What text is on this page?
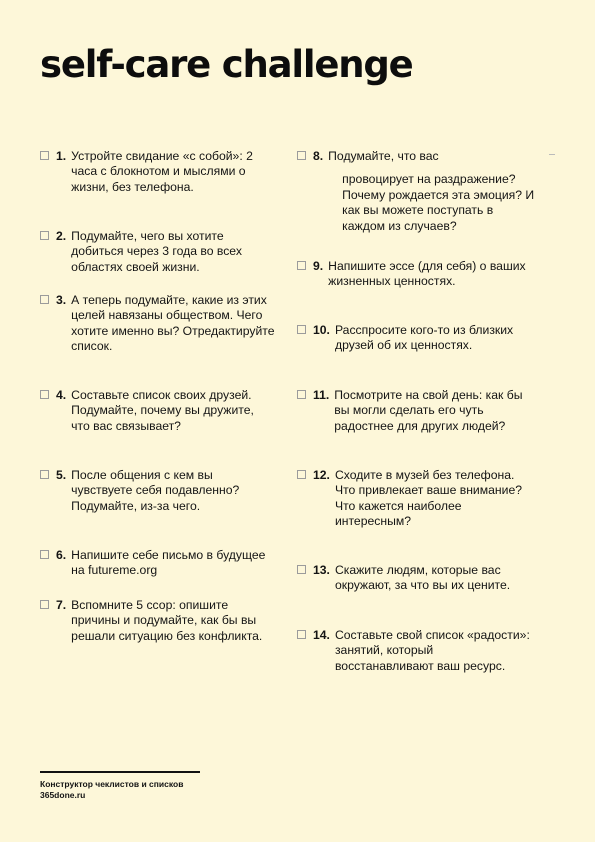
self-care challenge
1. Устройте свидание «с собой»: 2 часа с блокнотом и мыслями о жизни, без телефона.
2. Подумайте, чего вы хотите добиться через 3 года во всех областях своей жизни.
3. А теперь подумайте, какие из этих целей навязаны обществом. Чего хотите именно вы? Отредактируйте список.
4. Составьте список своих друзей. Подумайте, почему вы дружите, что вас связывает?
5. После общения с кем вы чувствуете себя подавленно? Подумайте, из-за чего.
6. Напишите себе письмо в будущее на futureme.org
7. Вспомните 5 ссор: опишите причины и подумайте, как бы вы решали ситуацию без конфликта.
8. Подумайте, что вас
провоцирует на раздражение? Почему рождается эта эмоция? И как вы можете поступать в каждом из случаев?
9. Напишите эссе (для себя) о ваших жизненных ценностях.
10. Расспросите кого-то из близких друзей об их ценностях.
11. Посмотрите на свой день: как бы вы могли сделать его чуть радостнее для других людей?
12. Сходите в музей без телефона. Что привлекает ваше внимание? Что кажется наиболее интересным?
13. Скажите людям, которые вас окружают, за что вы их цените.
14. Составьте свой список «радости»: занятий, который восстанавливают ваш ресурс.
Конструктор чеклистов и списков
365done.ru
